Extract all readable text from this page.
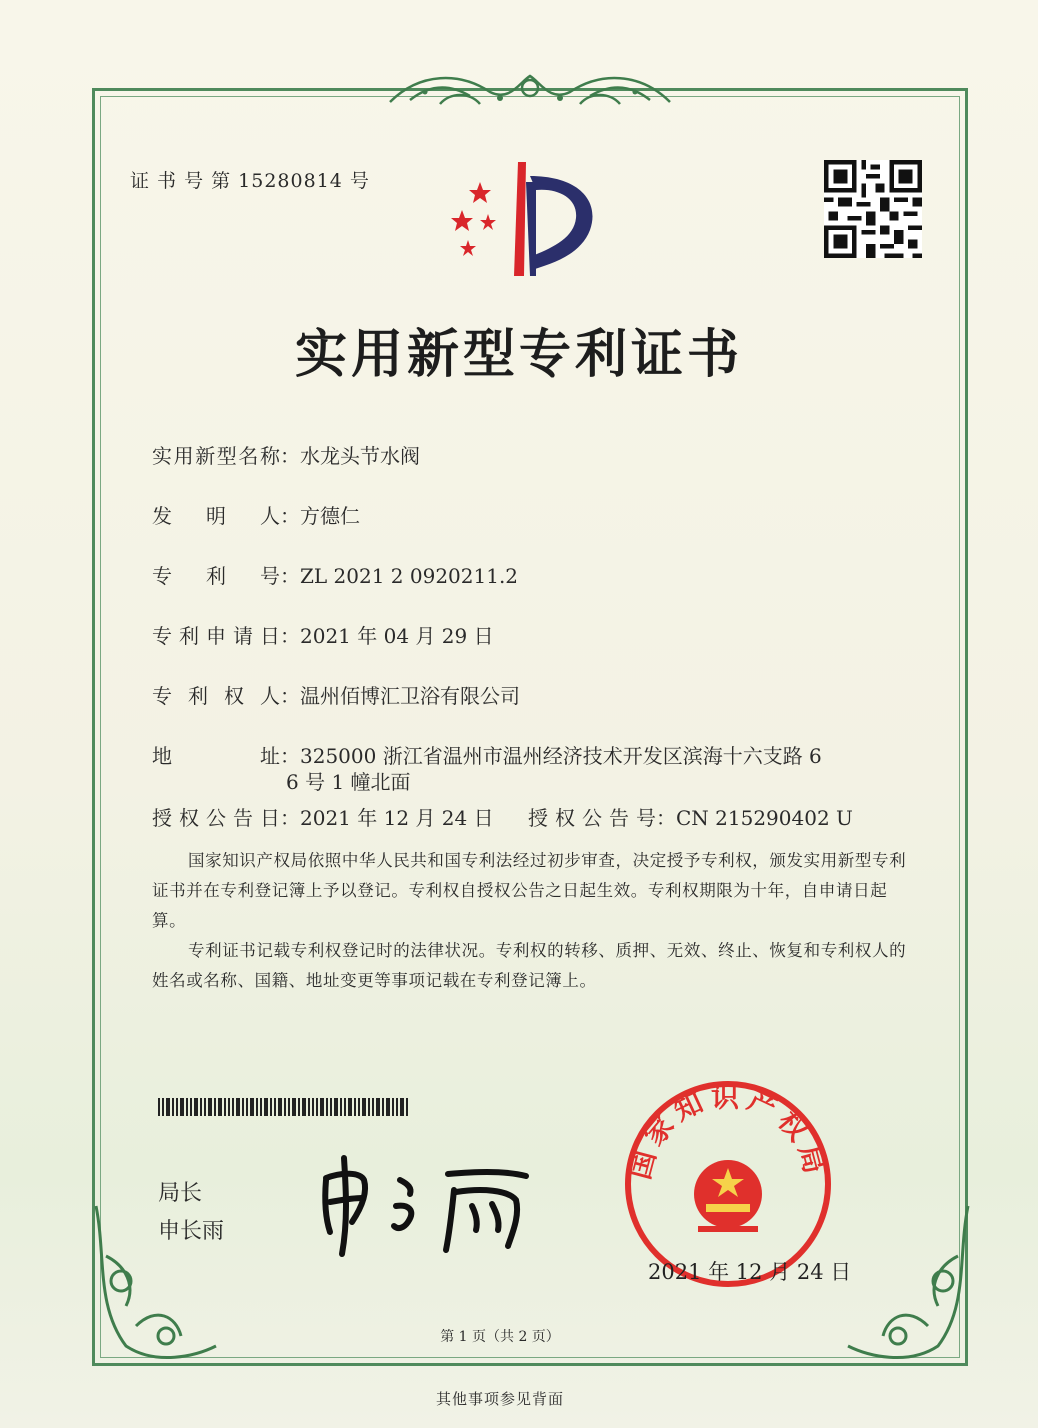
证 书 号 第 15280814 号
实用新型专利证书
实用新型名称：水龙头节水阀
发　明　人：方德仁
专　利　号：ZL 2021 2 0920211.2
专利申请日：2021 年 04 月 29 日
专 利 权 人：温州佰博汇卫浴有限公司
地　　　址：325000 浙江省温州市温州经济技术开发区滨海十六支路 6
6 号 1 幢北面
授权公告日：2021 年 12 月 24 日 授权公告号：CN 215290402 U
国家知识产权局依照中华人民共和国专利法经过初步审查，决定授予专利权，颁发实用新型专利证书并在专利登记簿上予以登记。专利权自授权公告之日起生效。专利权期限为十年，自申请日起算。
专利证书记载专利权登记时的法律状况。专利权的转移、质押、无效、终止、恢复和专利权人的姓名或名称、国籍、地址变更等事项记载在专利登记簿上。
局长
申长雨
国家知识产权局
2021 年 12 月 24 日
第 1 页（共 2 页）
其他事项参见背面
